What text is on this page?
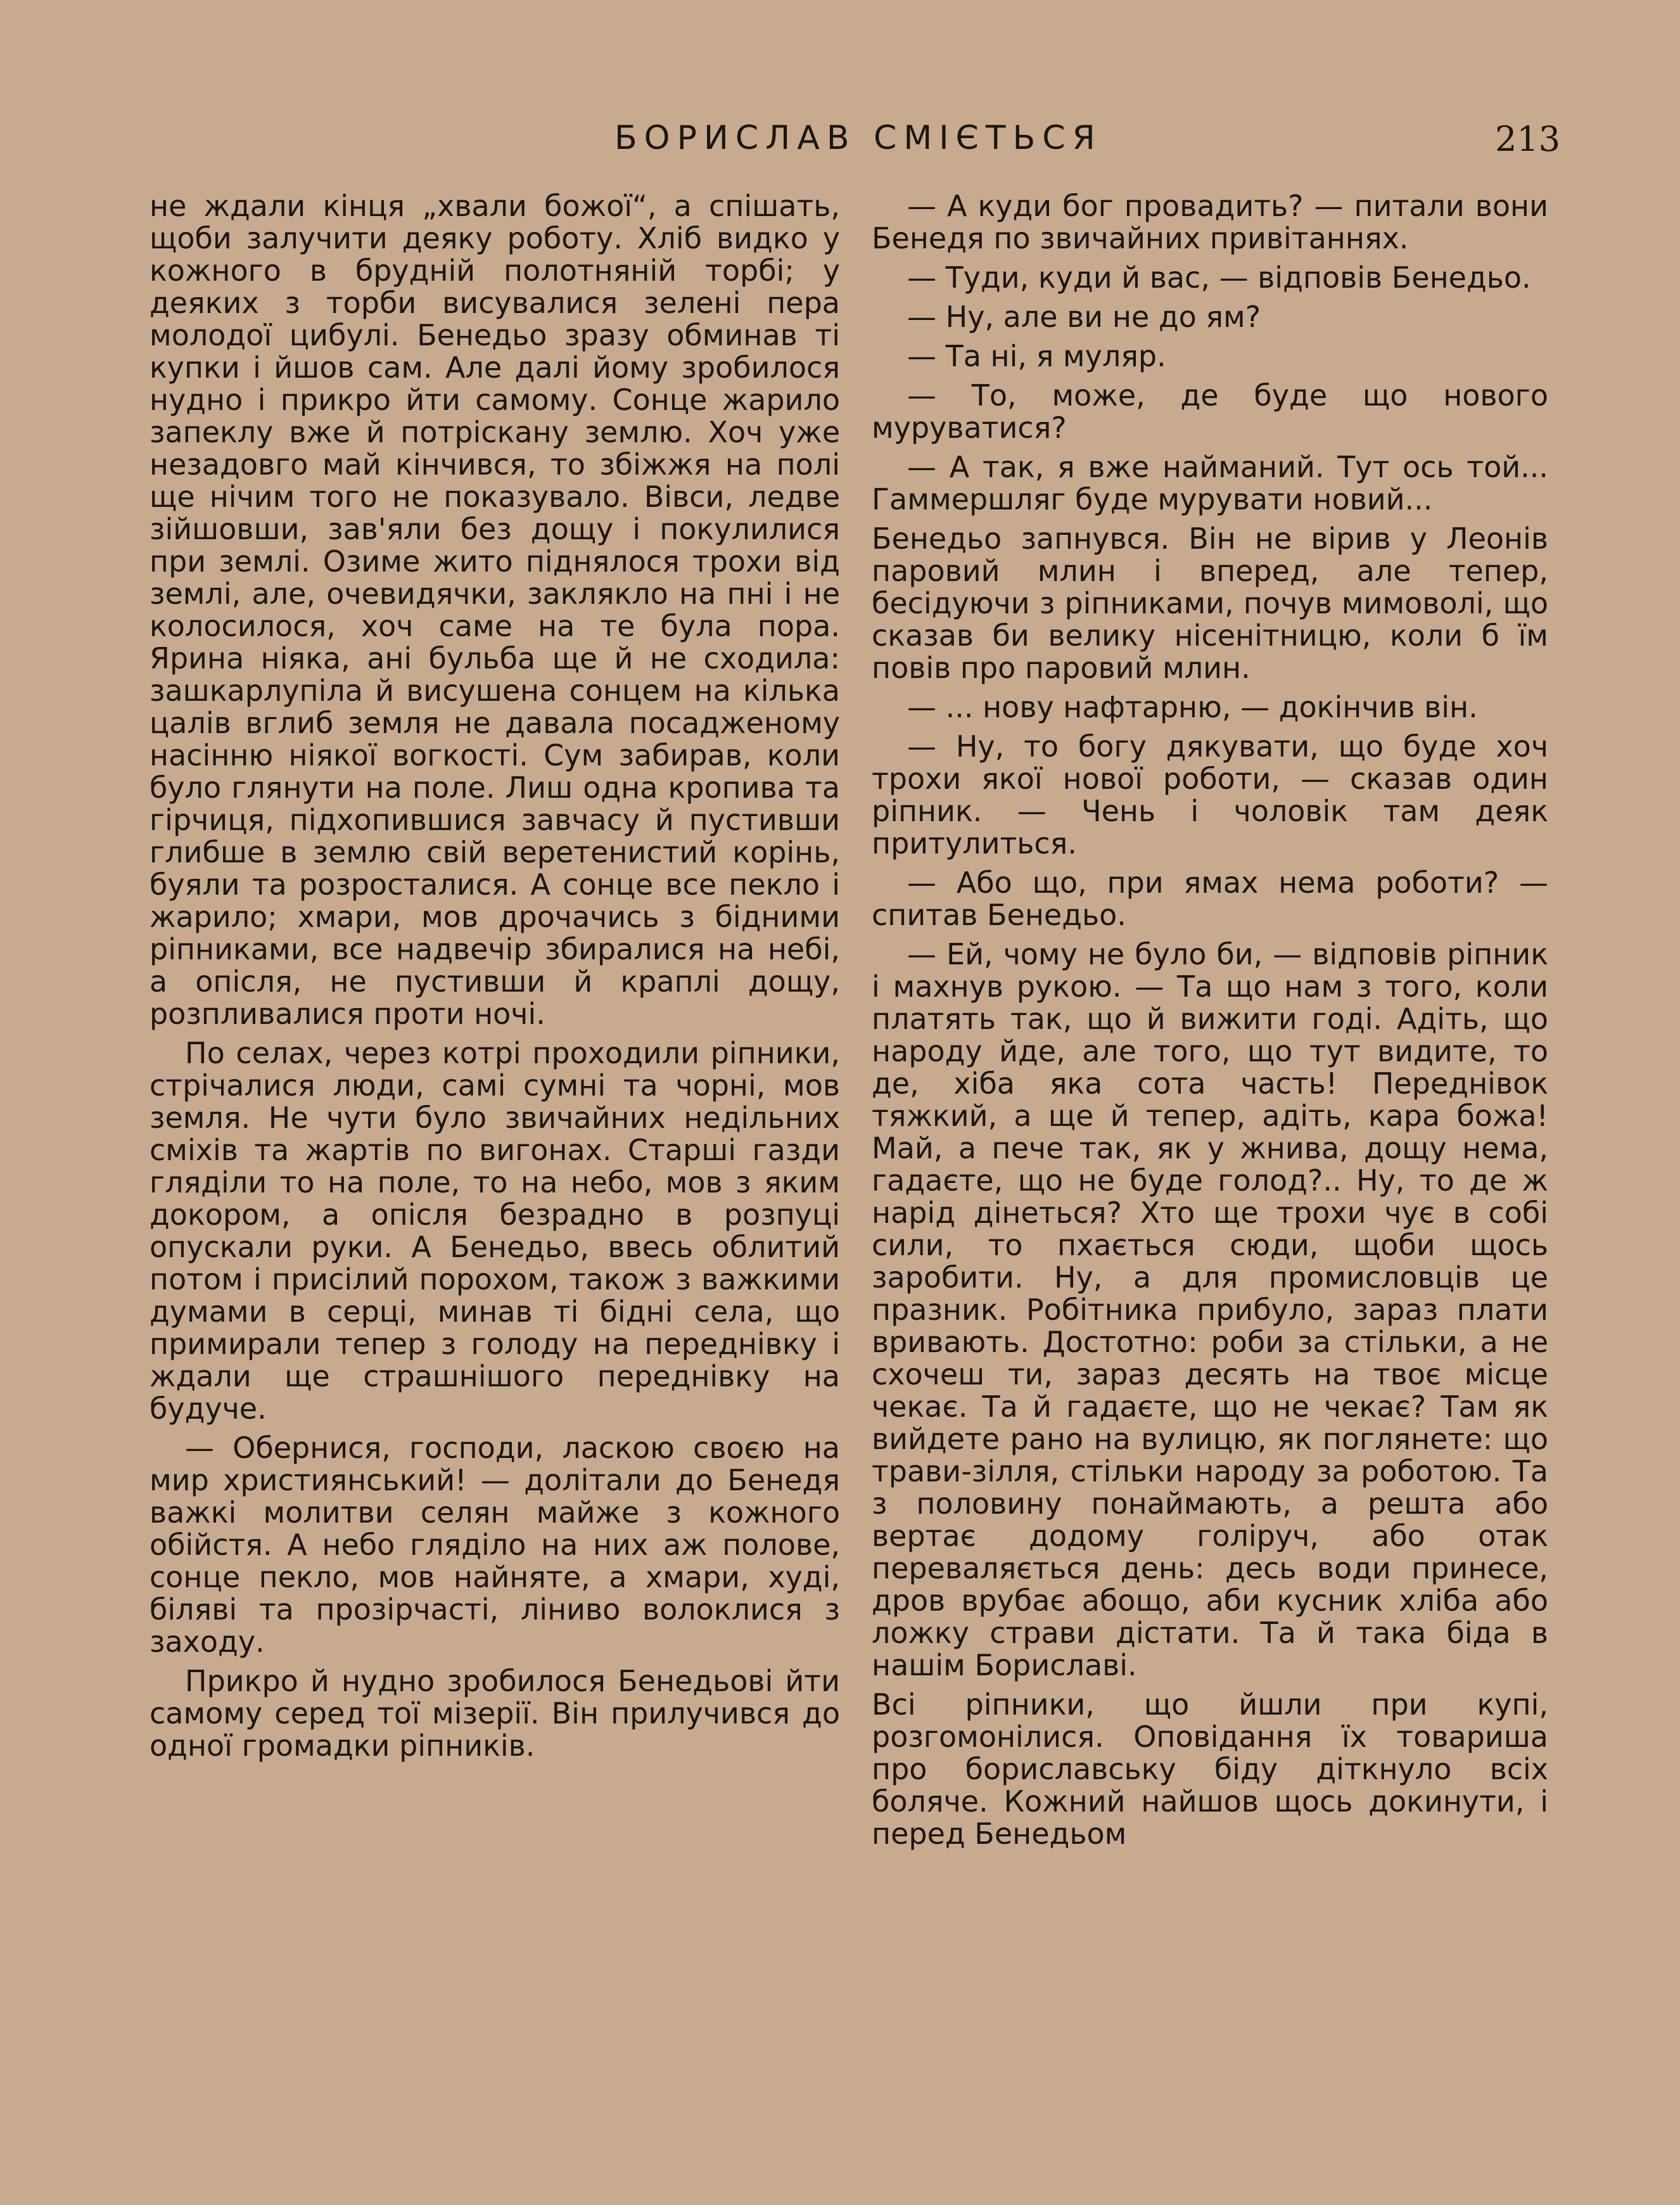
БОРИСЛАВ СМІЄТЬСЯ	213

не ждали кінця „хвали божої“, а спішать, щоби залучити деяку роботу. Хліб видко у кожного в брудній полотняній торбі; у деяких з торби висувалися зелені пера молодої цибулі. Бенедьо зразу обминав ті купки і йшов сам. Але далі йому зробилося нудно і прикро йти самому. Сонце жарило запеклу вже й потріскану землю. Хоч уже незадовго май кінчився, то збіжжя на полі ще нічим того не показувало. Вівси, ледве зійшовши, зав'яли без дощу і покулилися при землі. Озиме жито піднялося трохи від землі, але, очевидячки, заклякло на пні і не колосилося, хоч саме на те була пора. Ярина ніяка, ані бульба ще й не сходила: зашкарлупіла й висушена сонцем на кілька цалів вглиб земля не давала посадженому насінню ніякої вогкості. Сум забирав, коли було глянути на поле. Лиш одна кропива та гірчиця, підхопившися завчасу й пустивши глибше в землю свій веретенистий корінь, буяли та розросталися. А сонце все пекло і жарило; хмари, мов дрочачись з бідними ріпниками, все надвечір збиралися на небі, а опісля, не пустивши й краплі дощу, розпливалися проти ночі.

По селах, через котрі проходили ріпники, стрічалися люди, самі сумні та чорні, мов земля. Не чути було звичайних недільних сміхів та жартів по вигонах. Старші газди гляділи то на поле, то на небо, мов з яким докором, а опісля безрадно в розпуці опускали руки. А Бенедьо, ввесь облитий потом і присілий порохом, також з важкими думами в серці, минав ті бідні села, що примирали тепер з голоду на переднівку і ждали ще страшнішого переднівку на будуче.

— Обернися, господи, ласкою своєю на мир християнський! — долітали до Бенедя важкі молитви селян майже з кожного обійстя. А небо гляділо на них аж полове, сонце пекло, мов найняте, а хмари, худі, біляві та прозірчасті, ліниво волоклися з заходу.

Прикро й нудно зробилося Бенедьові йти самому серед тої мізерії. Він прилучився до одної громадки ріпників.

— А куди бог провадить? — питали вони Бенедя по звичайних привітаннях.

— Туди, куди й вас, — відповів Бенедьо.

— Ну, але ви не до ям?

— Та ні, я муляр.

— То, може, де буде що нового муруватися?

— А так, я вже найманий. Тут ось той... Гаммершляг буде мурувати новий...

Бенедьо запнувся. Він не вірив у Леонів паровий млин і вперед, але тепер, бесідуючи з ріпниками, почув мимоволі, що сказав би велику нісенітницю, коли б їм повів про паровий млин.

— ... нову нафтарню, — докінчив він.

— Ну, то богу дякувати, що буде хоч трохи якої нової роботи, — сказав один ріпник. — Чень і чоловік там деяк притулиться.

— Або що, при ямах нема роботи? — спитав Бенедьо.

— Ей, чому не було би, — відповів ріпник і махнув рукою. — Та що нам з того, коли платять так, що й вижити годі. Адіть, що народу йде, але того, що тут видите, то де, хіба яка сота часть! Переднівок тяжкий, а ще й тепер, адіть, кара божа! Май, а пече так, як у жнива, дощу нема, гадаєте, що не буде голод?.. Ну, то де ж нарід дінеться? Хто ще трохи чує в собі сили, то пхається сюди, щоби щось заробити. Ну, а для промисловців це празник. Робітника прибуло, зараз плати вривають. Достотно: роби за стільки, а не схочеш ти, зараз десять на твоє місце чекає. Та й гадаєте, що не чекає? Там як вийдете рано на вулицю, як поглянете: що трави-зілля, стільки народу за роботою. Та з половину понаймають, а решта або вертає додому голіруч, або отак переваляється день: десь води принесе, дров врубає абощо, аби кусник хліба або ложку страви дістати. Та й така біда в нашім Бориславі.

Всі ріпники, що йшли при купі, розгомонілися. Оповідання їх товариша про бориславську біду діткнуло всіх боляче. Кожний найшов щось докинути, і перед Бенедьом
